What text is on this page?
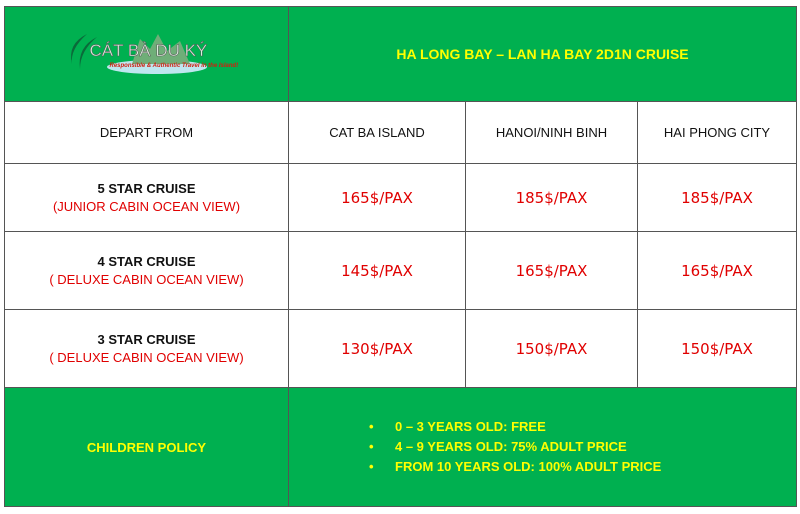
CÁT BÀ DU KÝ
Responsible & Authentic Travel in the Island!
HA LONG BAY – LAN HA BAY 2D1N CRUISE
DEPART FROM	CAT BA ISLAND	HANOI/NINH BINH	HAI PHONG CITY
5 STAR CRUISE
(JUNIOR CABIN OCEAN VIEW)	165$/PAX	185$/PAX	185$/PAX
4 STAR CRUISE
( DELUXE CABIN OCEAN VIEW)	145$/PAX	165$/PAX	165$/PAX
3 STAR CRUISE
( DELUXE CABIN OCEAN VIEW)	130$/PAX	150$/PAX	150$/PAX
CHILDREN POLICY
• 0 – 3 YEARS OLD: FREE
• 4 – 9 YEARS OLD: 75% ADULT PRICE
• FROM 10 YEARS OLD: 100% ADULT PRICE
